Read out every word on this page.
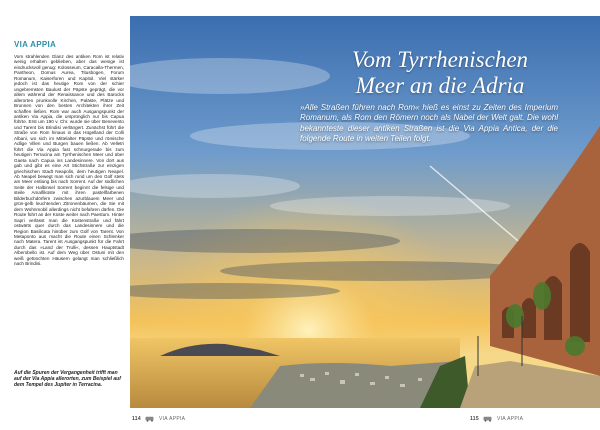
VIA APPIA
Vom strahlenden Glanz des antiken Rom ist relativ wenig erhalten geblieben, aber das wenige ist eindrucksvoll genug: Kolosseum, Caracalla-Thermen, Pantheon, Domus Aurea, Titusbogen, Forum Romanum, Kaiserforen und Kapitol. Viel stärker jedoch ist das heutige Rom von der schier ungebremsten Baulust der Päpste geprägt, die vor allem während der Renaissance und des Barocks allerorten prunkvolle Kirchen, Paläste, Plätze und Brunnen von den besten Architekten ihrer Zeit schaffen ließen. Rom war auch Ausgangspunkt der antiken Via Appia, die ursprünglich nur bis Capua führte. Erst um 190 v. Chr. wurde sie über Benevento und Tarent bis Brindisi verlängert. Zunächst führt die Straße von Rom hinaus in das Hügelland der Colli Albani, wo sich im Mittelalter Päpste und römische Adlige Villen und Burgen bauen ließen. Ab Velletri führt die Via Appia fast schnurgerade bis zum heutigen Terracina am Tyrrhenischen Meer und über Gaeta nach Capua ins Landesinnere. Von dort aus gab und gibt es eine Art Stichstraße zur einzigen griechischen Stadt Neapolis, dem heutigen Neapel. Ab Neapel bewegt man sich rund um den Golf stets am Meer entlang bis nach Sorrent. Auf der südlichen Seite der Halbinsel Sorrent beginnt die felsige und steile Amalfiküste mit ihren pastellfarbenen Bilderbuchdörfern zwischen azurblauem Meer und grün-gelb leuchtenden Zitronenbäumen, die Sie mit dem Wohnmobil allerdings nicht befahren dürfen. Die Route führt an der Küste weiter nach Paestum. Hinter Sapri verlässt man die Küstenstraße und fährt ostwärts quer durch das Landesinnere und die Region Basilicata hinüber zum Golf von Tarent. Von Metaponto aus macht die Route einen Schlenker nach Matera. Tarent ist Ausgangspunkt für die Fahrt durch das »Land der Trulli«, dessen Hauptstadt Alberobello ist. Auf dem Weg über Ostuni mit den weiß getünchten Häusern gelangt man schließlich nach Brindisi.
Auf die Spuren der Vergangenheit trifft man auf der Via Appia allerorten, zum Beispiel auf dem Tempel des Jupiter in Terracina.
Vom Tyrrhenischen
Meer an die Adria
»Alle Straßen führen nach Rom« hieß es einst zu Zeiten des Imperium Romanum, als Rom den Römern noch als Nabel der Welt galt. Die wohl bekannteste dieser antiken Straßen ist die Via Appia Antica, der die folgende Route in weiten Teilen folgt.
114	VIA APPIA	115	VIA APPIA
